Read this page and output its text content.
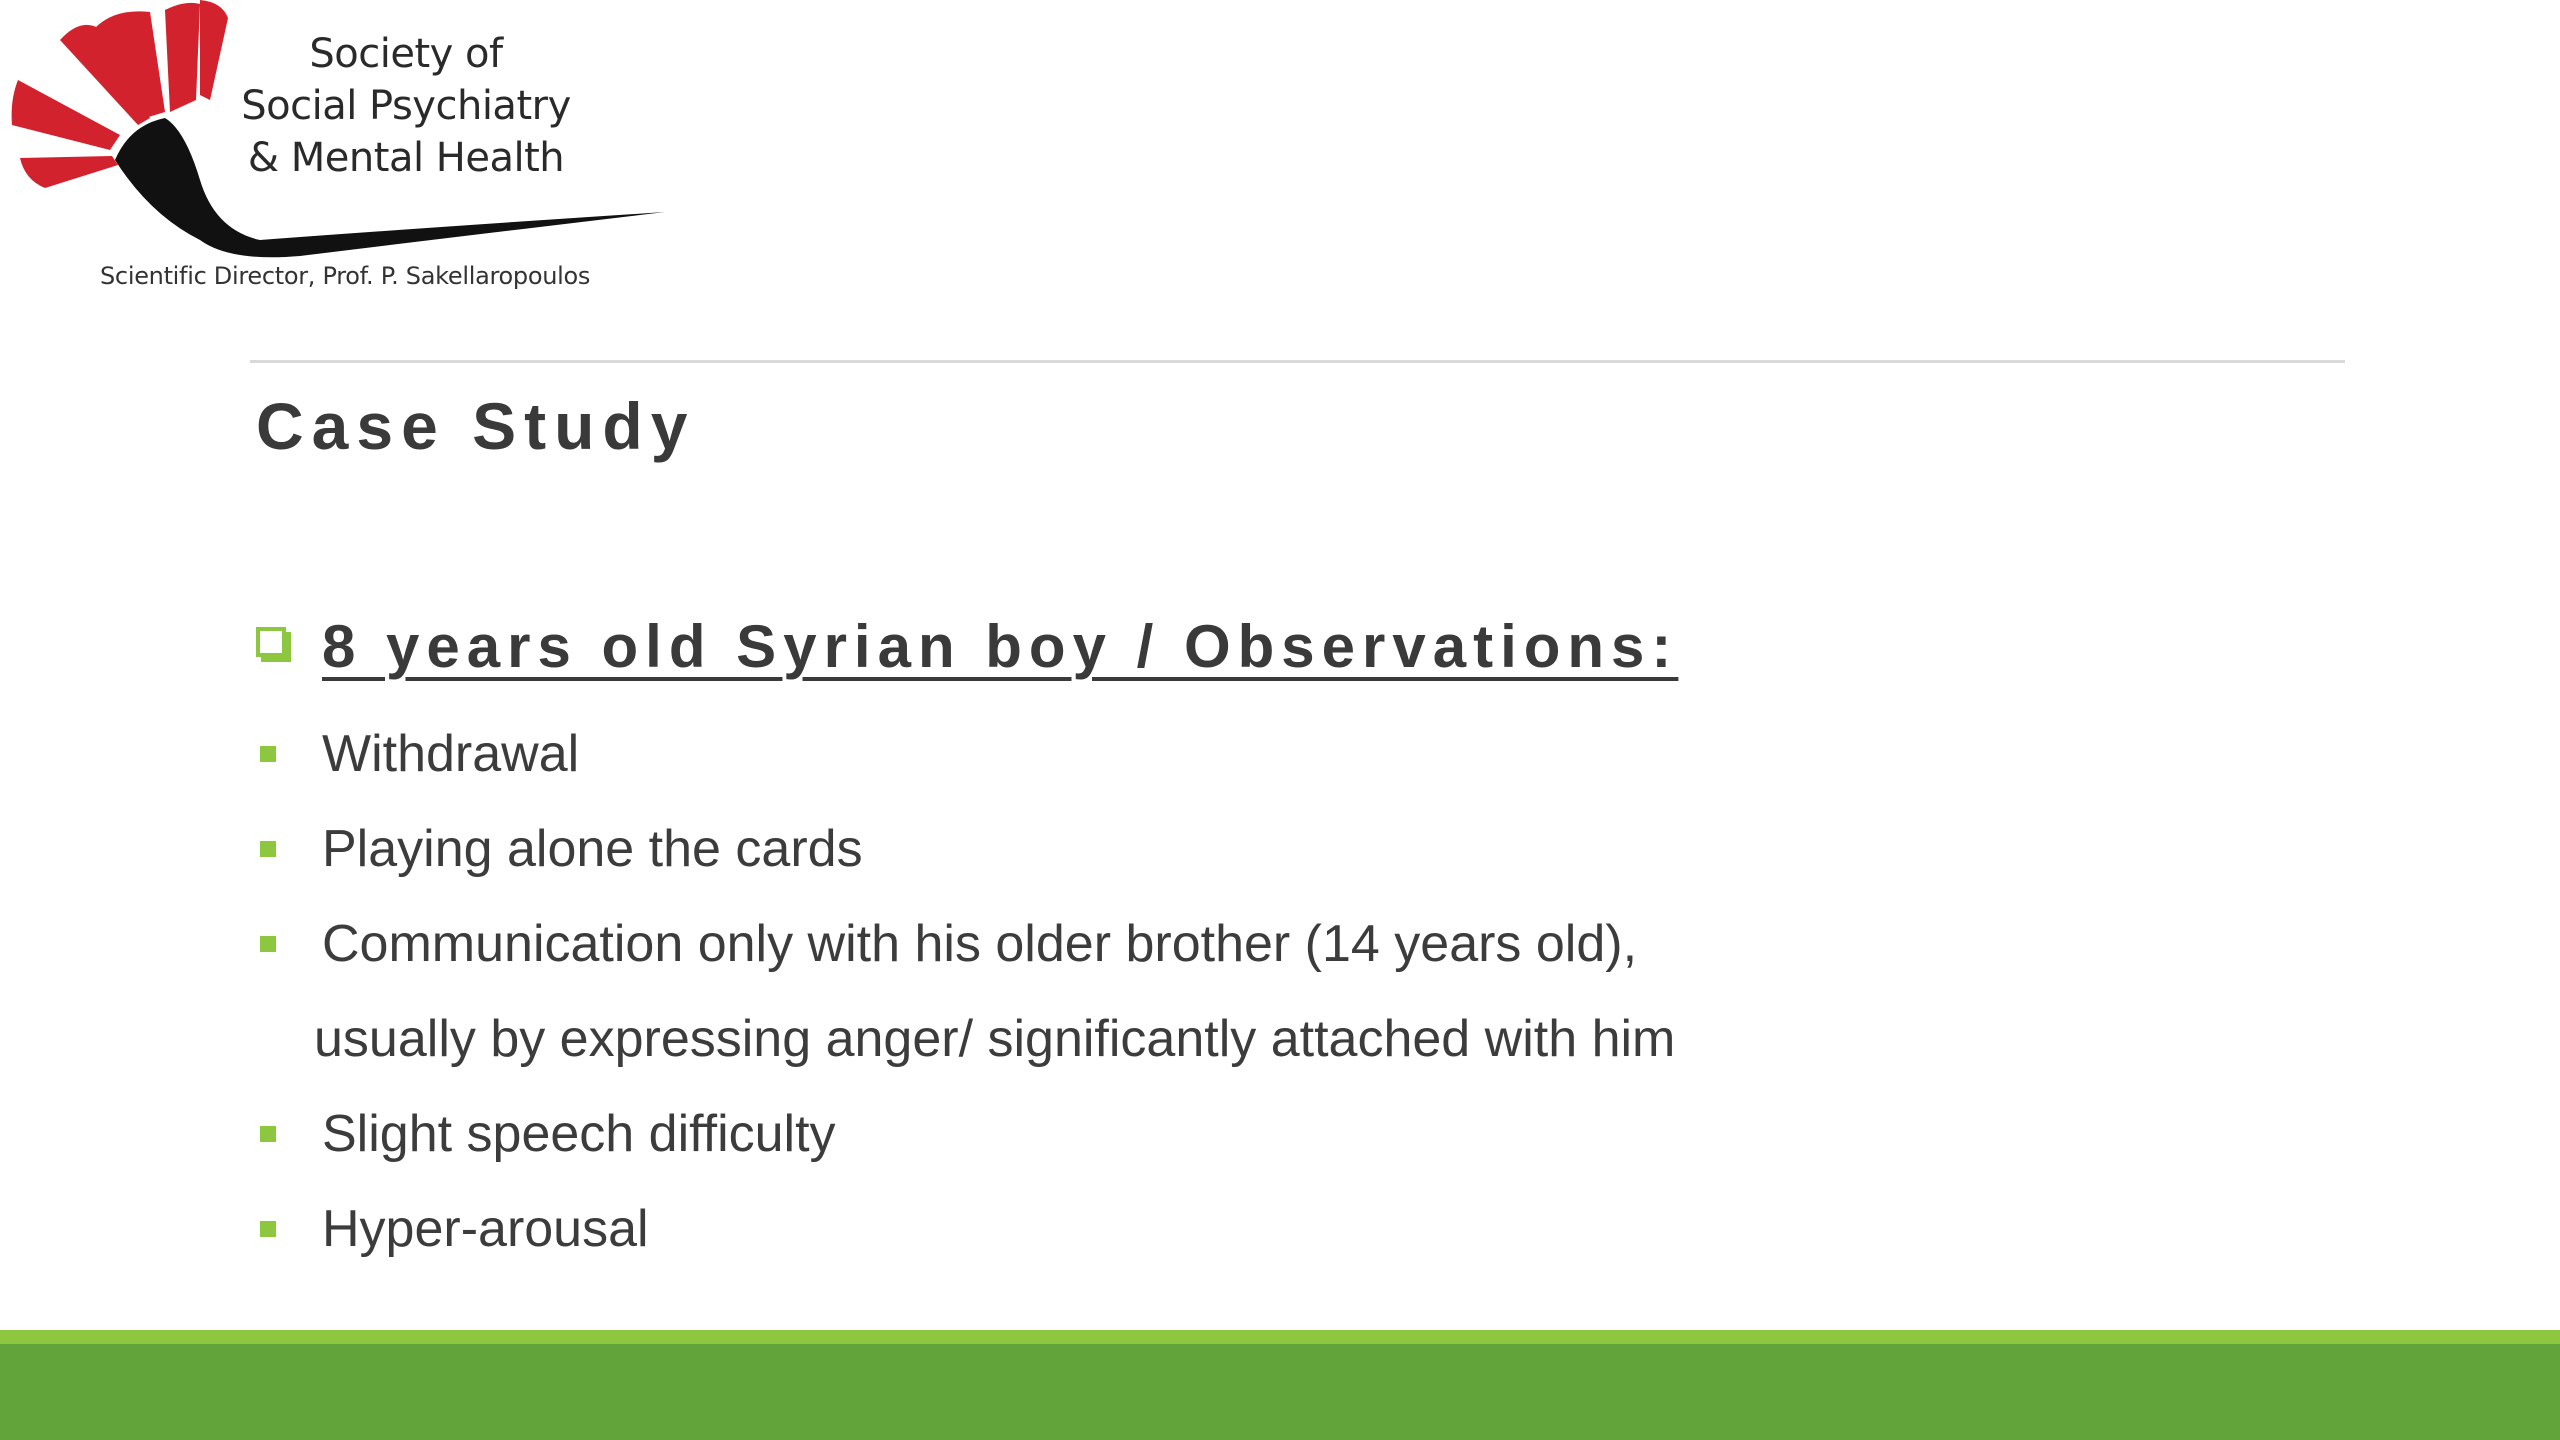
Society of
Social Psychiatry
& Mental Health
Scientific Director, Prof. P. Sakellaropoulos
Case Study
8 years old Syrian boy / Observations:
Withdrawal
Playing alone the cards
Communication only with his older brother (14 years old),
usually by expressing anger/ significantly attached with him
Slight speech difficulty
Hyper-arousal
